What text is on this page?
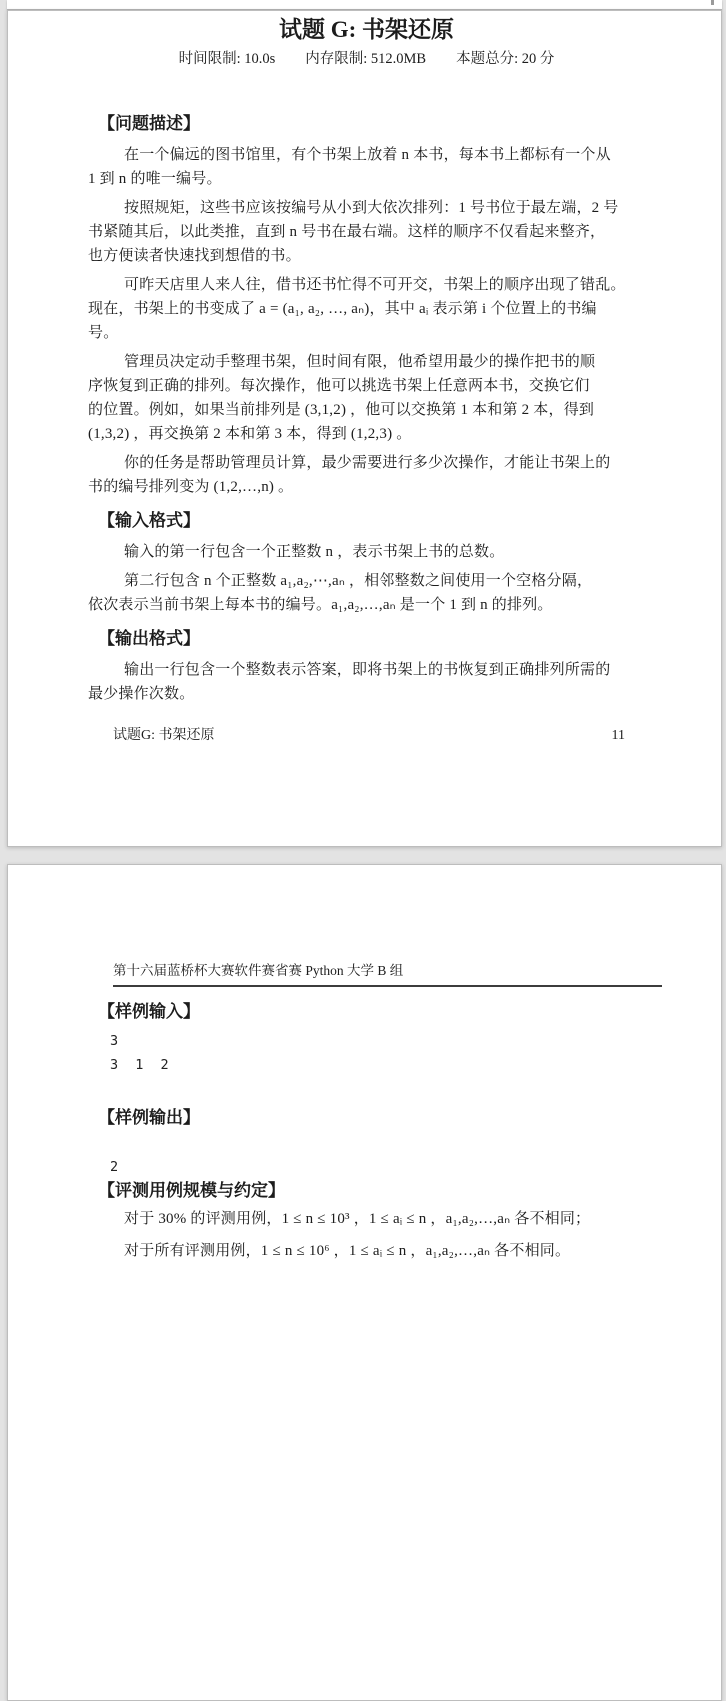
试题 G: 书架还原
时间限制: 10.0s 内存限制: 512.0MB 本题总分: 20 分
【问题描述】
在一个偏远的图书馆里，有个书架上放着 n 本书，每本书上都标有一个从
1 到 n 的唯一编号。
按照规矩，这些书应该按编号从小到大依次排列：1 号书位于最左端，2 号
书紧随其后，以此类推，直到 n 号书在最右端。这样的顺序不仅看起来整齐，
也方便读者快速找到想借的书。
可昨天店里人来人往，借书还书忙得不可开交，书架上的顺序出现了错乱。
现在，书架上的书变成了 a = (a₁, a₂, …, aₙ)，其中 aᵢ 表示第 i 个位置上的书编
号。
管理员决定动手整理书架，但时间有限，他希望用最少的操作把书的顺
序恢复到正确的排列。每次操作，他可以挑选书架上任意两本书，交换它们
的位置。例如，如果当前排列是 (3,1,2) ，他可以交换第 1 本和第 2 本，得到
(1,3,2) ，再交换第 2 本和第 3 本，得到 (1,2,3) 。
你的任务是帮助管理员计算，最少需要进行多少次操作，才能让书架上的
书的编号排列变为 (1,2,…,n) 。
【输入格式】
输入的第一行包含一个正整数 n ，表示书架上书的总数。
第二行包含 n 个正整数 a₁,a₂,⋯,aₙ ，相邻整数之间使用一个空格分隔，
依次表示当前书架上每本书的编号。a₁,a₂,…,aₙ 是一个 1 到 n 的排列。
【输出格式】
输出一行包含一个整数表示答案，即将书架上的书恢复到正确排列所需的
最少操作次数。
试题G: 书架还原	11
第十六届蓝桥杯大赛软件赛省赛 Python 大学 B 组
【样例输入】
3
3 1 2
【样例输出】
2
【评测用例规模与约定】
对于 30% 的评测用例，1 ≤ n ≤ 10³ ，1 ≤ aᵢ ≤ n ，a₁,a₂,…,aₙ 各不相同；
对于所有评测用例，1 ≤ n ≤ 10⁶ ，1 ≤ aᵢ ≤ n ，a₁,a₂,…,aₙ 各不相同。
